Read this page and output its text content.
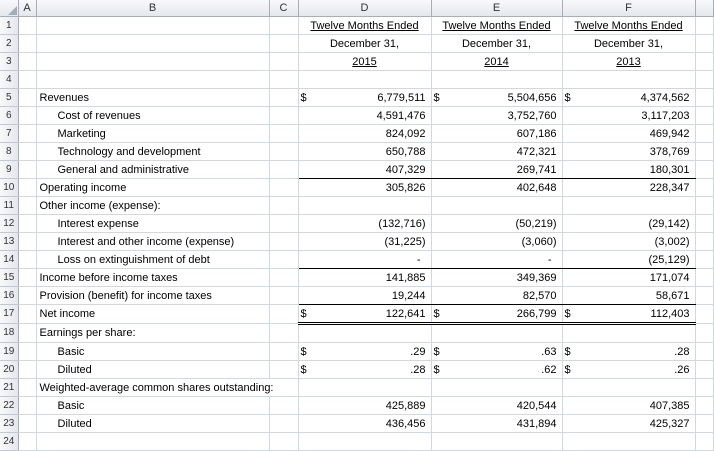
	A	B	C	D	E	F	
1				Twelve Months Ended	Twelve Months Ended	Twelve Months Ended	
2				December 31,	December 31,	December 31,	
3				2015	2014	2013	
4							
5		Revenues		$ 6,779,511	$ 5,504,656	$ 4,374,562	

6		Cost of revenues		4,591,476	3,752,760	3,117,203	

7		Marketing		824,092	607,186	469,942	

8		Technology and development		650,788	472,321	378,769	

9		General and administrative		407,329	269,741	180,301	

10		Operating income		305,826	402,648	228,347	

11		Other income (expense):					
12		Interest expense		(132,716)	(50,219)	(29,142)	

13		Interest and other income (expense)		(31,225)	(3,060)	(3,002)	

14		Loss on extinguishment of debt		-	-	(25,129)	

15		Income before income taxes		141,885	349,369	171,074	

16		Provision (benefit) for income taxes		19,244	82,570	58,671	

17		Net income		$ 122,641	$ 266,799	$ 112,403	

18		Earnings per share:					
19		Basic		$ .29	$ .63	$ .28	

20		Diluted		$ .28	$ .62	$ .26	

21		Weighted-average common shares outstanding:					
22		Basic		425,889	420,544	407,385	

23		Diluted		436,456	431,894	425,327	

24							
